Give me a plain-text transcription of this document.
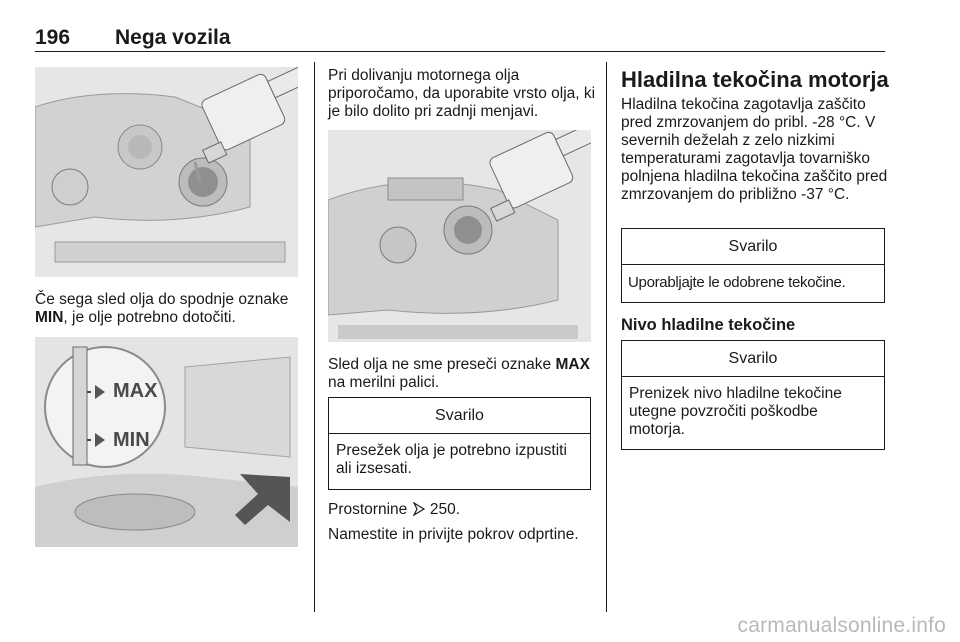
196 Nega vozila
Če sega sled olja do spodnje oznake MIN, je olje potrebno dotočiti.
MAX
MIN
Pri dolivanju motornega olja priporočamo, da uporabite vrsto olja, ki je bilo dolito pri zadnji menjavi.
Sled olja ne sme preseči oznake MAX na merilni palici.
Svarilo
Presežek olja je potrebno izpustiti ali izsesati.
Prostornine  250.
Namestite in privijte pokrov odprtine.
Hladilna tekočina motorja
Hladilna tekočina zagotavlja zaščito pred zmrzovanjem do pribl. -28 °C. V severnih deželah z zelo nizkimi temperaturami zagotavlja tovarniško polnjena hladilna tekočina zaščito pred zmrzovanjem do približno -37 °C.
Svarilo
Uporabljajte le odobrene tekočine.
Nivo hladilne tekočine
Svarilo
Prenizek nivo hladilne tekočine utegne povzročiti poškodbe motorja.
carmanualsonline.info
